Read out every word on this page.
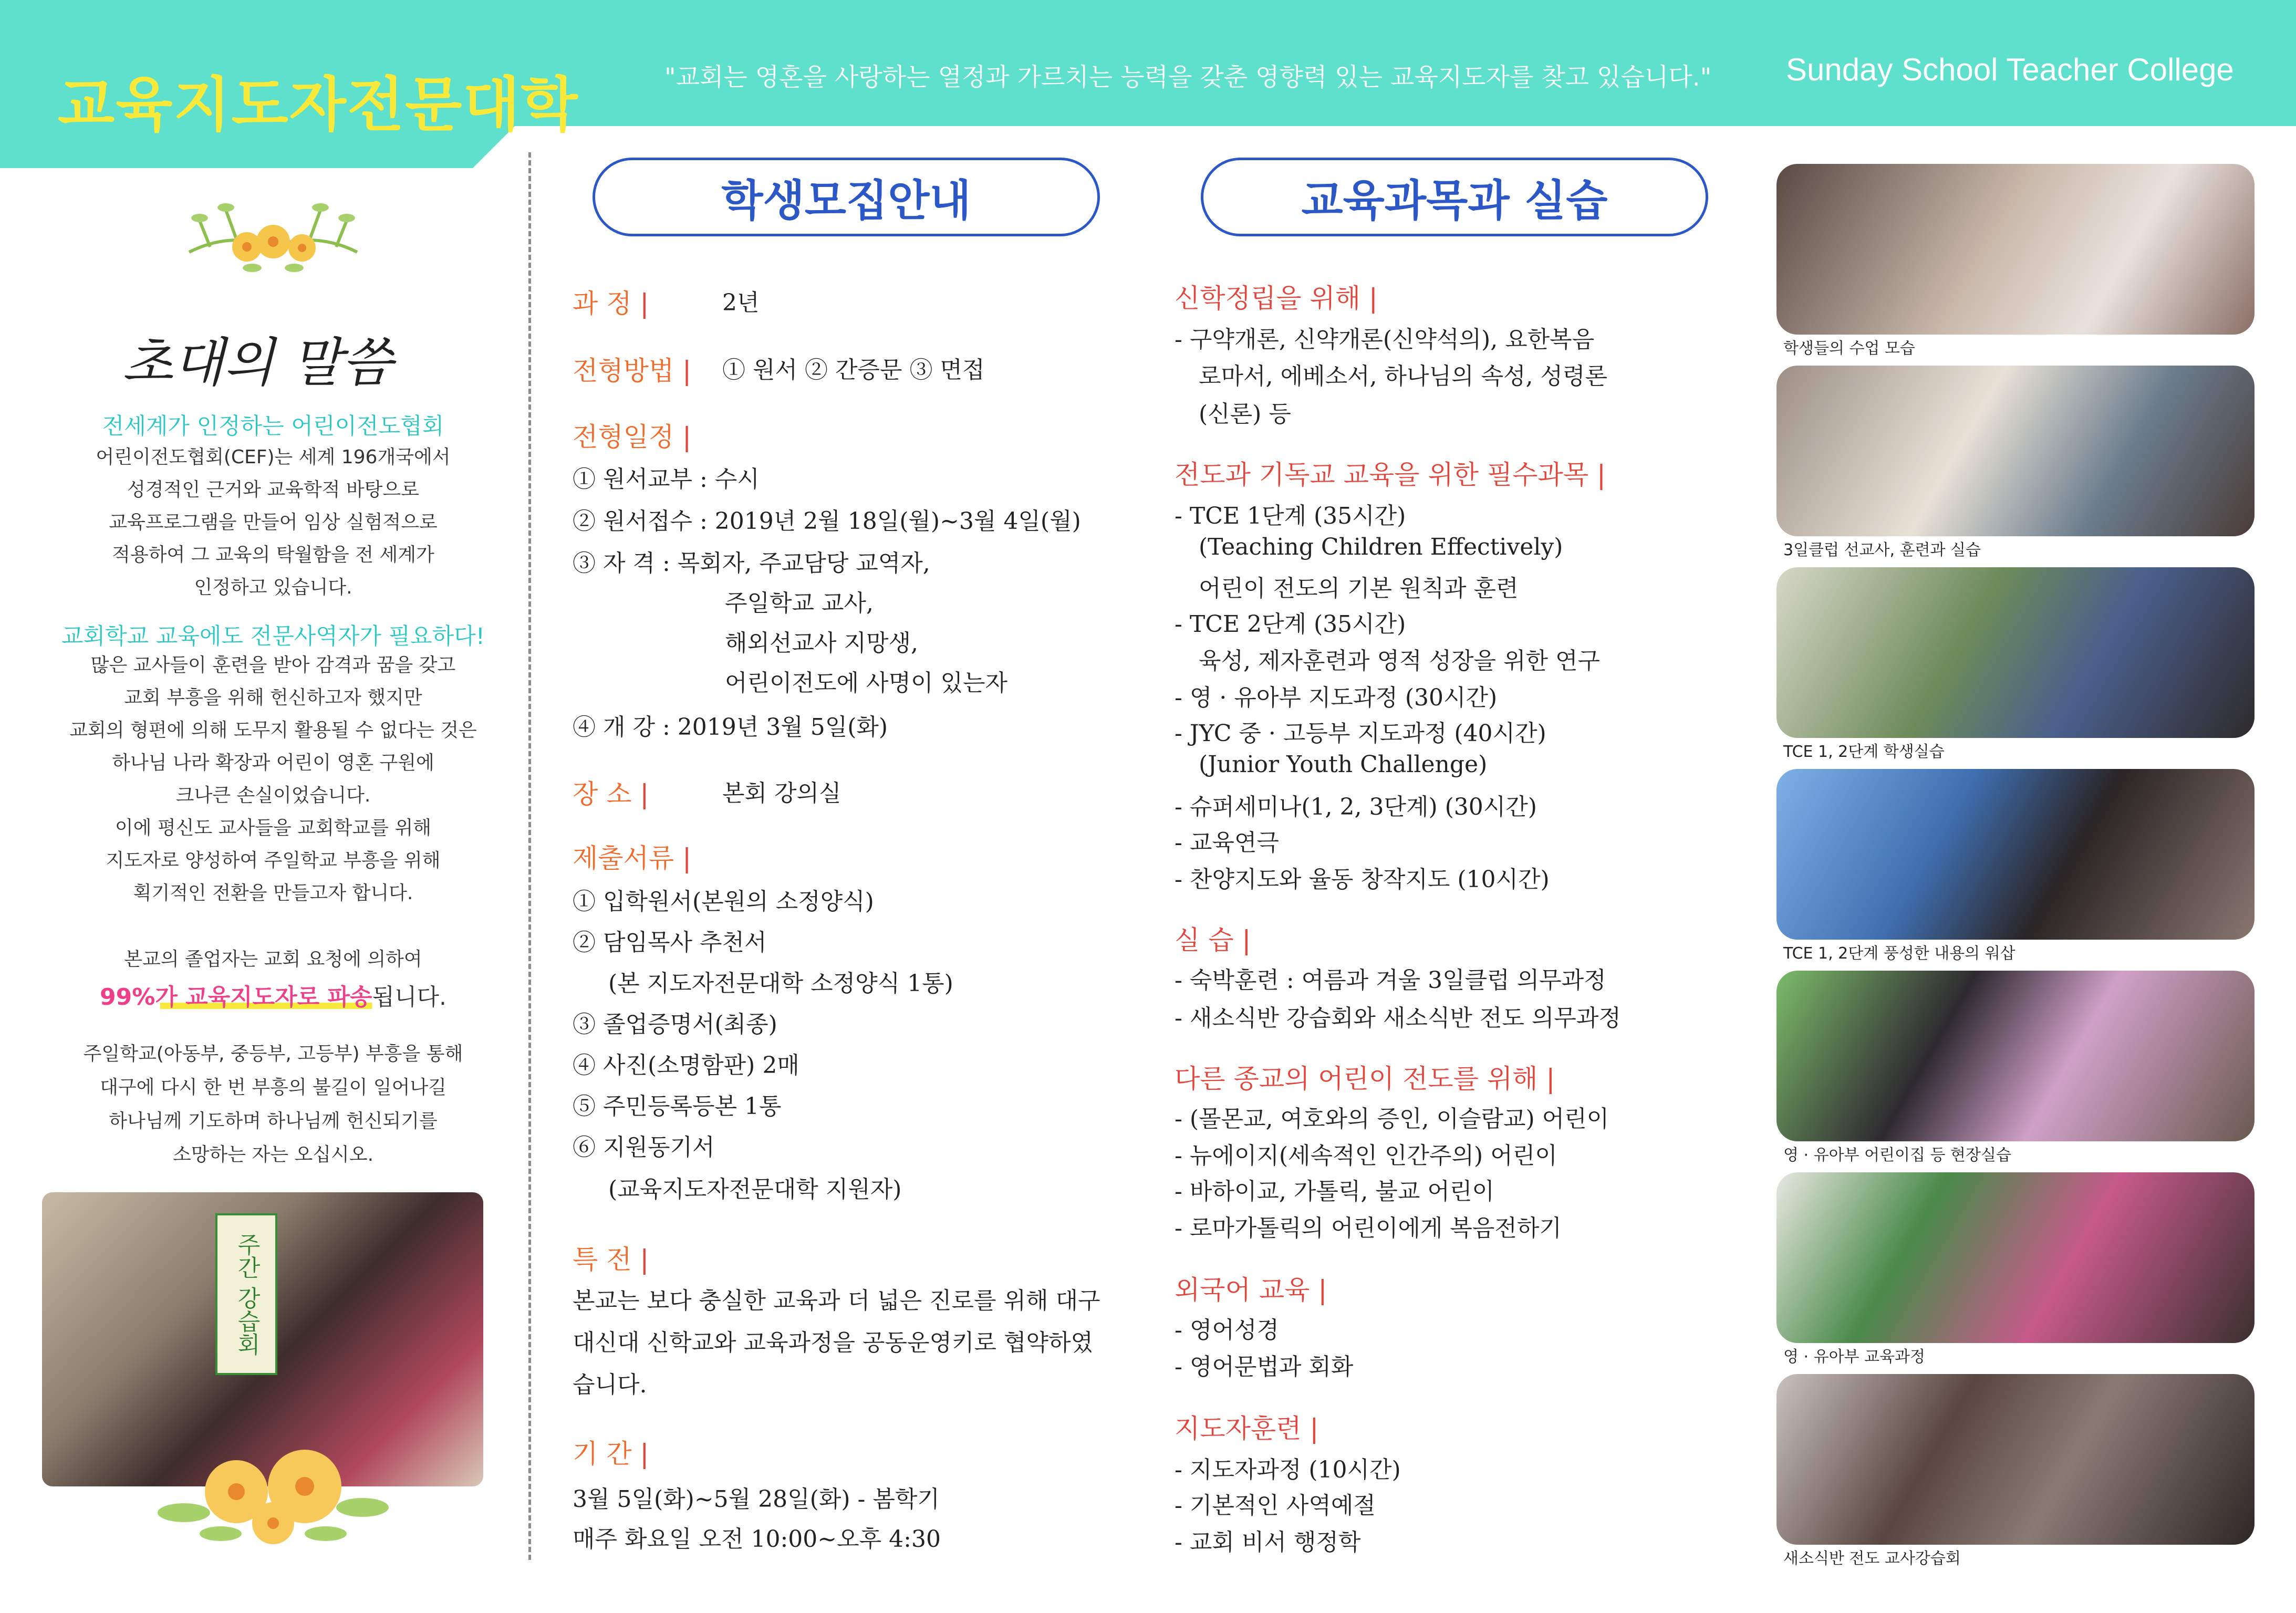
교육지도자전문대학	"교회는 영혼을 사랑하는 열정과 가르치는 능력을 갖춘 영향력 있는 교육지도자를 찾고 있습니다." Sunday School Teacher College
초대의 말씀
전세계가 인정하는 어린이전도협회
어린이전도협회(CEF)는 세계 196개국에서
성경적인 근거와 교육학적 바탕으로
교육프로그램을 만들어 임상 실험적으로
적용하여 그 교육의 탁월함을 전 세계가
인정하고 있습니다.
교회학교 교육에도 전문사역자가 필요하다!
많은 교사들이 훈련을 받아 감격과 꿈을 갖고
교회 부흥을 위해 헌신하고자 했지만
교회의 형편에 의해 도무지 활용될 수 없다는 것은
하나님 나라 확장과 어린이 영혼 구원에
크나큰 손실이었습니다.
이에 평신도 교사들을 교회학교를 위해
지도자로 양성하여 주일학교 부흥을 위해
획기적인 전환을 만들고자 합니다.
본교의 졸업자는 교회 요청에 의하여
99%가 교육지도자로 파송됩니다.
주일학교(아동부, 중등부, 고등부) 부흥을 통해
대구에 다시 한 번 부흥의 불길이 일어나길
하나님께 기도하며 하나님께 헌신되기를
소망하는 자는 오십시오.
주간 강습회
학생모집안내
과 정 |	2년
전형방법 | ① 원서 ② 간증문 ③ 면접
전형일정 |
① 원서교부 : 수시
② 원서접수 : 2019년 2월 18일(월)~3월 4일(월)
③ 자 격 : 목회자, 주교담당 교역자,
주일학교 교사,
해외선교사 지망생,
어린이전도에 사명이 있는자
④ 개 강 : 2019년 3월 5일(화)
장 소 |	본회 강의실
제출서류 |
① 입학원서(본원의 소정양식)
② 담임목사 추천서
(본 지도자전문대학 소정양식 1통)
③ 졸업증명서(최종)
④ 사진(소명함판) 2매
⑤ 주민등록등본 1통
⑥ 지원동기서
(교육지도자전문대학 지원자)
특 전 |
본교는 보다 충실한 교육과 더 넓은 진로를 위해 대구
대신대 신학교와 교육과정을 공동운영키로 협약하였
습니다.
기 간 |
3월 5일(화)~5월 28일(화) - 봄학기
매주 화요일 오전 10:00~오후 4:30
교육과목과 실습
신학정립을 위해 |
- 구약개론, 신약개론(신약석의), 요한복음
로마서, 에베소서, 하나님의 속성, 성령론
(신론) 등
전도과 기독교 교육을 위한 필수과목 |
- TCE 1단계 (35시간)
(Teaching Children Effectively)
어린이 전도의 기본 원칙과 훈련
- TCE 2단계 (35시간)
육성, 제자훈련과 영적 성장을 위한 연구
- 영 · 유아부 지도과정 (30시간)
- JYC 중 · 고등부 지도과정 (40시간)
(Junior Youth Challenge)
- 슈퍼세미나(1, 2, 3단계) (30시간)
- 교육연극
- 찬양지도와 율동 창작지도 (10시간)
실 습 |
- 숙박훈련 : 여름과 겨울 3일클럽 의무과정
- 새소식반 강습회와 새소식반 전도 의무과정
다른 종교의 어린이 전도를 위해 |
- (몰몬교, 여호와의 증인, 이슬람교) 어린이
- 뉴에이지(세속적인 인간주의) 어린이
- 바하이교, 가톨릭, 불교 어린이
- 로마가톨릭의 어린이에게 복음전하기
외국어 교육 |
- 영어성경
- 영어문법과 회화
지도자훈련 |
- 지도자과정 (10시간)
- 기본적인 사역예절
- 교회 비서 행정학
학생들의 수업 모습
3일클럽 선교사, 훈련과 실습
TCE 1, 2단계 학생실습
TCE 1, 2단계 풍성한 내용의 워삽
영 · 유아부 어린이집 등 현장실습
영 · 유아부 교육과정
새소식반 전도 교사강습회
